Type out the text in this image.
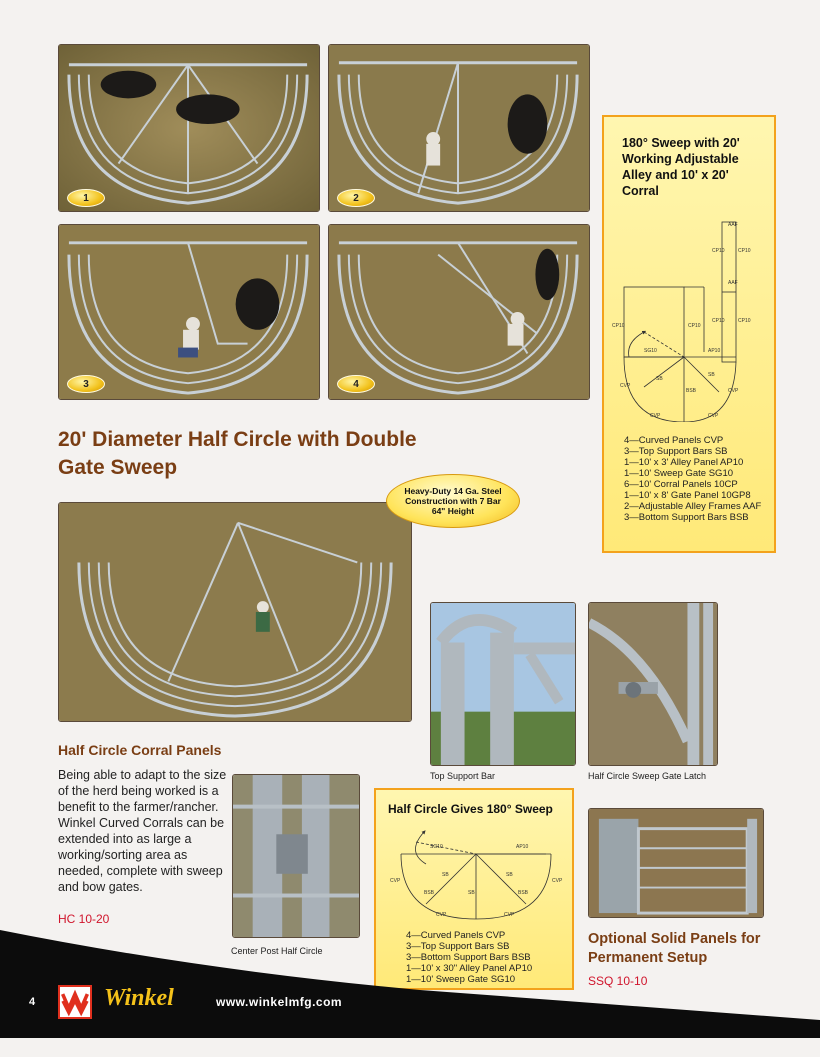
1	2
3	4
180° Sweep with 20' Working Adjustable Alley and 10' x 20' Corral
AAF
CP10
CP10
AAF
CP10
CP10
CP10
CP10
AP10
SG10
SB
SB
BSB
CVP
CVP	CVP
CVP
4—Curved Panels CVP
3—Top Support Bars SB
1—10' x 3' Alley Panel AP10
1—10' Sweep Gate SG10
6—10' Corral Panels 10CP
1—10' x 8' Gate Panel 10GP8
2—Adjustable Alley Frames AAF
3—Bottom Support Bars BSB
20' Diameter Half Circle with Double Gate Sweep
Heavy-Duty 14 Ga. Steel Construction with 7 Bar 64" Height
Half Circle Corral Panels
Being able to adapt to the size of the herd being worked is a benefit to the farmer/rancher. Winkel Curved Corrals can be extended into as large a working/sorting area as needed, complete with sweep and bow gates.
HC 10-20
Center Post Half Circle
Top Support Bar	Half Circle Sweep Gate Latch
Half Circle Gives 180° Sweep
SG10	AP10
SB	SB
SB
BSB	BSB
CVP
CVP	CVP
CVP
4—Curved Panels CVP
3—Top Support Bars SB
3—Bottom Support Bars BSB
1—10' x 30" Alley Panel AP10
1—10' Sweep Gate SG10
Optional Solid Panels for Permanent Setup
SSQ 10-10
4	Winkel	www.winkelmfg.com
